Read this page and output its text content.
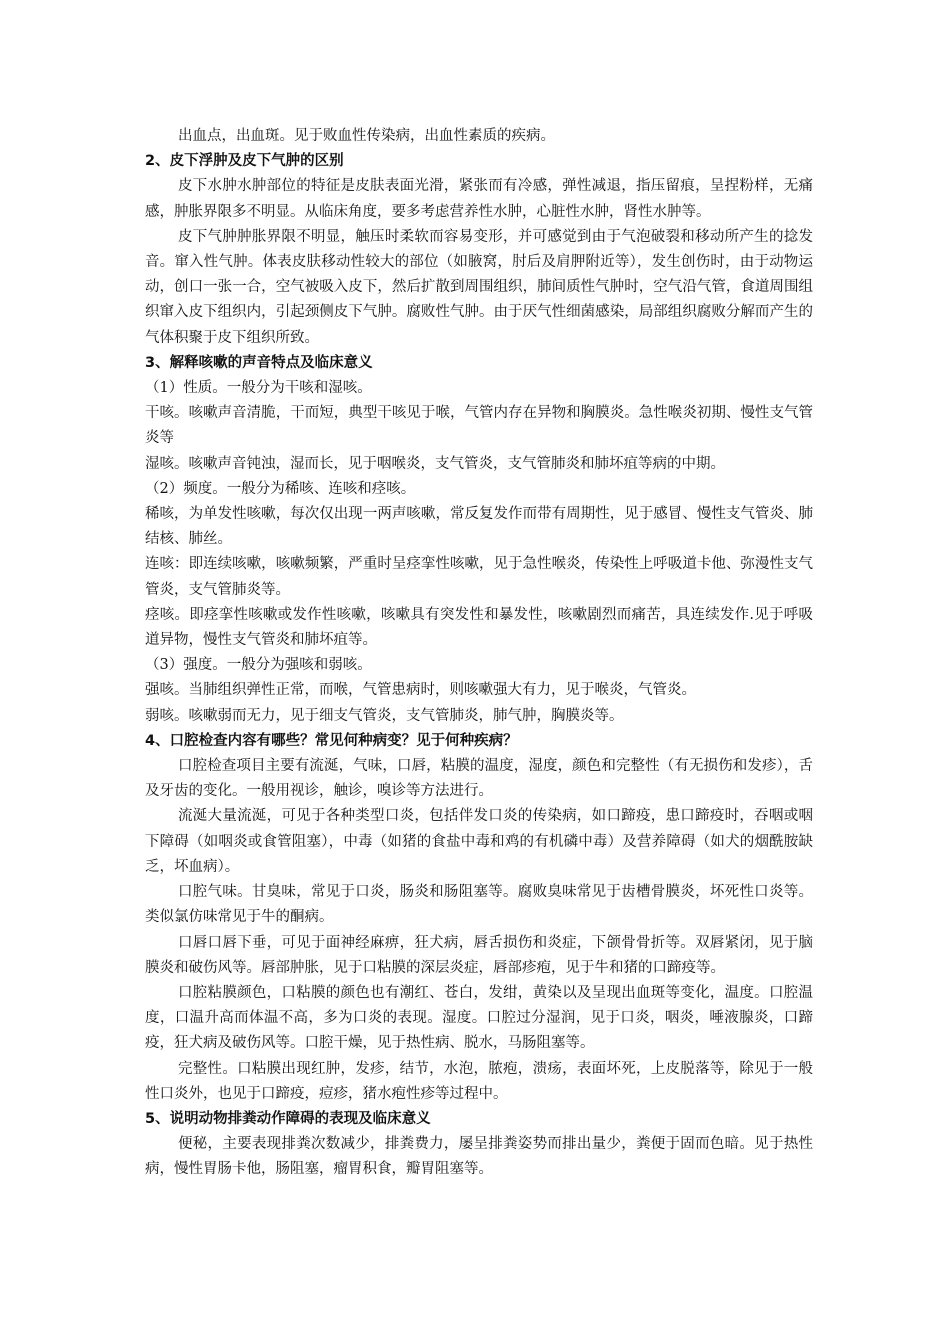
出血点，出血斑。见于败血性传染病，出血性素质的疾病。

2、皮下浮肿及皮下气肿的区别

皮下水肿水肿部位的特征是皮肤表面光滑，紧张而有冷感，弹性减退，指压留痕，呈捏粉样，无痛感，肿胀界限多不明显。从临床角度，要多考虑营养性水肿，心脏性水肿，肾性水肿等。

皮下气肿肿胀界限不明显，触压时柔软而容易变形，并可感觉到由于气泡破裂和移动所产生的捻发音。窜入性气肿。体表皮肤移动性较大的部位（如腋窝，肘后及肩胛附近等），发生创伤时，由于动物运动，创口一张一合，空气被吸入皮下，然后扩散到周围组织，肺间质性气肿时，空气沿气管，食道周围组织窜入皮下组织内，引起颈侧皮下气肿。腐败性气肿。由于厌气性细菌感染，局部组织腐败分解而产生的气体积聚于皮下组织所致。

3、解释咳嗽的声音特点及临床意义

（1）性质。一般分为干咳和湿咳。

干咳。咳嗽声音清脆，干而短，典型干咳见于喉，气管内存在异物和胸膜炎。急性喉炎初期、慢性支气管炎等

湿咳。咳嗽声音钝浊，湿而长，见于咽喉炎，支气管炎，支气管肺炎和肺坏疽等病的中期。

（2）频度。一般分为稀咳、连咳和痉咳。

稀咳，为单发性咳嗽，每次仅出现一两声咳嗽，常反复发作而带有周期性，见于感冒、慢性支气管炎、肺结核、肺丝。

连咳：即连续咳嗽，咳嗽频繁，严重时呈痉挛性咳嗽，见于急性喉炎，传染性上呼吸道卡他、弥漫性支气管炎，支气管肺炎等。

痉咳。即痉挛性咳嗽或发作性咳嗽，咳嗽具有突发性和暴发性，咳嗽剧烈而痛苦，具连续发作.见于呼吸道异物，慢性支气管炎和肺坏疽等。

（3）强度。一般分为强咳和弱咳。

强咳。当肺组织弹性正常，而喉，气管患病时，则咳嗽强大有力，见于喉炎，气管炎。

弱咳。咳嗽弱而无力，见于细支气管炎，支气管肺炎，肺气肿，胸膜炎等。

4、口腔检查内容有哪些？常见何种病变？见于何种疾病？

口腔检查项目主要有流涎，气味，口唇，粘膜的温度，湿度，颜色和完整性（有无损伤和发疹），舌及牙齿的变化。一般用视诊，触诊，嗅诊等方法进行。

流涎大量流涎，可见于各种类型口炎，包括伴发口炎的传染病，如口蹄疫，患口蹄疫时，吞咽或咽下障碍（如咽炎或食管阻塞），中毒（如猪的食盐中毒和鸡的有机磷中毒）及营养障碍（如犬的烟酰胺缺乏，坏血病）。

口腔气味。甘臭味，常见于口炎，肠炎和肠阻塞等。腐败臭味常见于齿槽骨膜炎，坏死性口炎等。类似氯仿味常见于牛的酮病。

口唇口唇下垂，可见于面神经麻痹，狂犬病，唇舌损伤和炎症，下颌骨骨折等。双唇紧闭，见于脑膜炎和破伤风等。唇部肿胀，见于口粘膜的深层炎症，唇部疹疱，见于牛和猪的口蹄疫等。

口腔粘膜颜色，口粘膜的颜色也有潮红、苍白，发绀，黄染以及呈现出血斑等变化，温度。口腔温度，口温升高而体温不高，多为口炎的表现。湿度。口腔过分湿润，见于口炎，咽炎，唾液腺炎，口蹄疫，狂犬病及破伤风等。口腔干燥，见于热性病、脱水，马肠阻塞等。

完整性。口粘膜出现红肿，发疹，结节，水泡，脓疱，溃疡，表面坏死，上皮脱落等，除见于一般性口炎外，也见于口蹄疫，痘疹，猪水疱性疹等过程中。

5、说明动物排粪动作障碍的表现及临床意义

便秘，主要表现排粪次数减少，排粪费力，屡呈排粪姿势而排出量少，粪便于固而色暗。见于热性病，慢性胃肠卡他，肠阻塞，瘤胃积食，瓣胃阻塞等。
